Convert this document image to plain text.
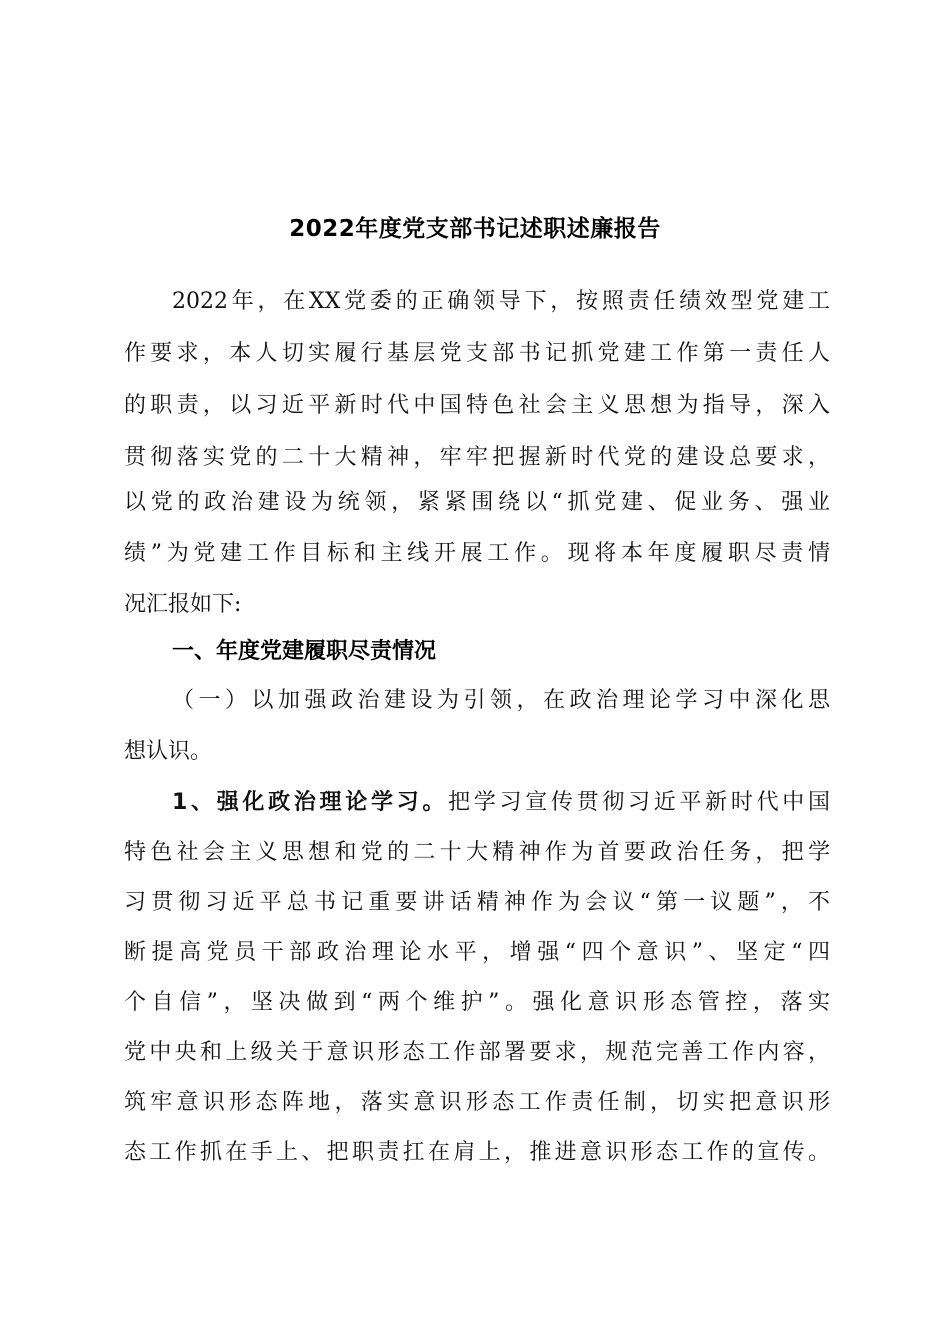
2022年度党支部书记述职述廉报告
2022年，在XX党委的正确领导下，按照责任绩效型党建工
作要求，本人切实履行基层党支部书记抓党建工作第一责任人
的职责，以习近平新时代中国特色社会主义思想为指导，深入
贯彻落实党的二十大精神，牢牢把握新时代党的建设总要求，
以党的政治建设为统领，紧紧围绕以“抓党建、促业务、强业
绩”为党建工作目标和主线开展工作。现将本年度履职尽责情
况汇报如下:
一、年度党建履职尽责情况
（一）以加强政治建设为引领，在政治理论学习中深化思
想认识。
1、强化政治理论学习。把学习宣传贯彻习近平新时代中国
特色社会主义思想和党的二十大精神作为首要政治任务，把学
习贯彻习近平总书记重要讲话精神作为会议“第一议题”，不
断提高党员干部政治理论水平，增强“四个意识”、坚定“四
个自信”，坚决做到“两个维护”。强化意识形态管控，落实
党中央和上级关于意识形态工作部署要求，规范完善工作内容，
筑牢意识形态阵地，落实意识形态工作责任制，切实把意识形
态工作抓在手上、把职责扛在肩上，推进意识形态工作的宣传。
